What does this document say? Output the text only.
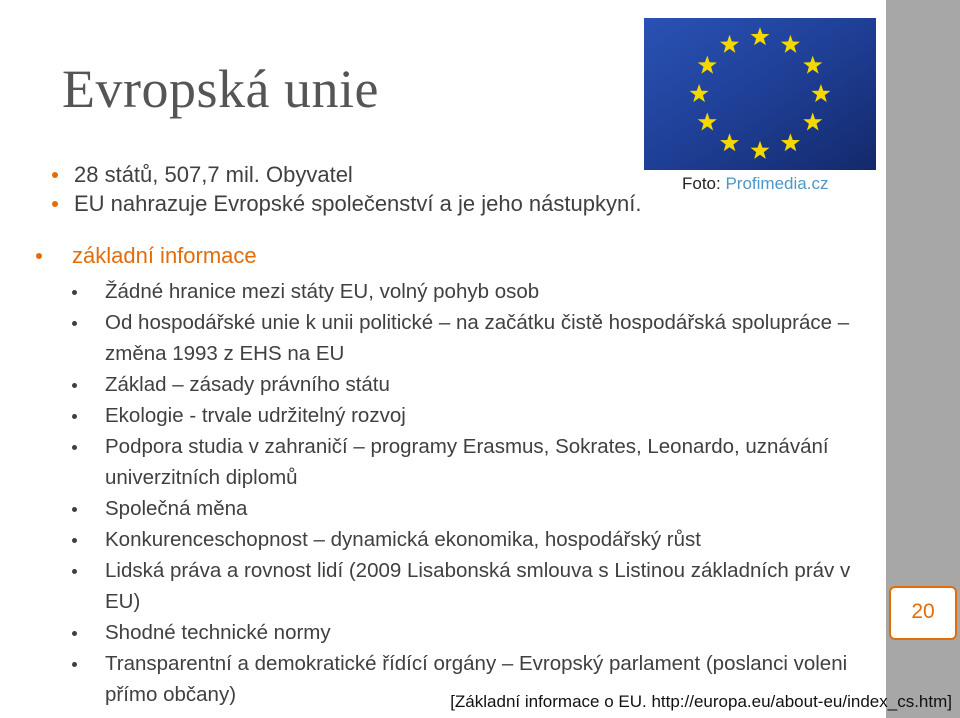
Evropská unie
Foto: Profimedia.cz
28 států, 507,7 mil. Obyvatel
EU nahrazuje Evropské společenství a je jeho nástupkyní.
základní informace
Žádné hranice mezi státy EU, volný pohyb osob
Od hospodářské unie k unii politické – na začátku čistě hospodářská spolupráce – změna 1993 z EHS na EU
Základ – zásady právního státu
Ekologie - trvale udržitelný rozvoj
Podpora studia v zahraničí – programy Erasmus, Sokrates, Leonardo, uznávání univerzitních diplomů
Společná měna
Konkurenceschopnost – dynamická ekonomika, hospodářský růst
Lidská práva a rovnost lidí (2009 Lisabonská smlouva s Listinou základních práv v EU)
Shodné technické normy
Transparentní a demokratické řídící orgány – Evropský parlament (poslanci voleni přímo občany)
20
[Základní informace o EU. http://europa.eu/about-eu/index_cs.htm]
